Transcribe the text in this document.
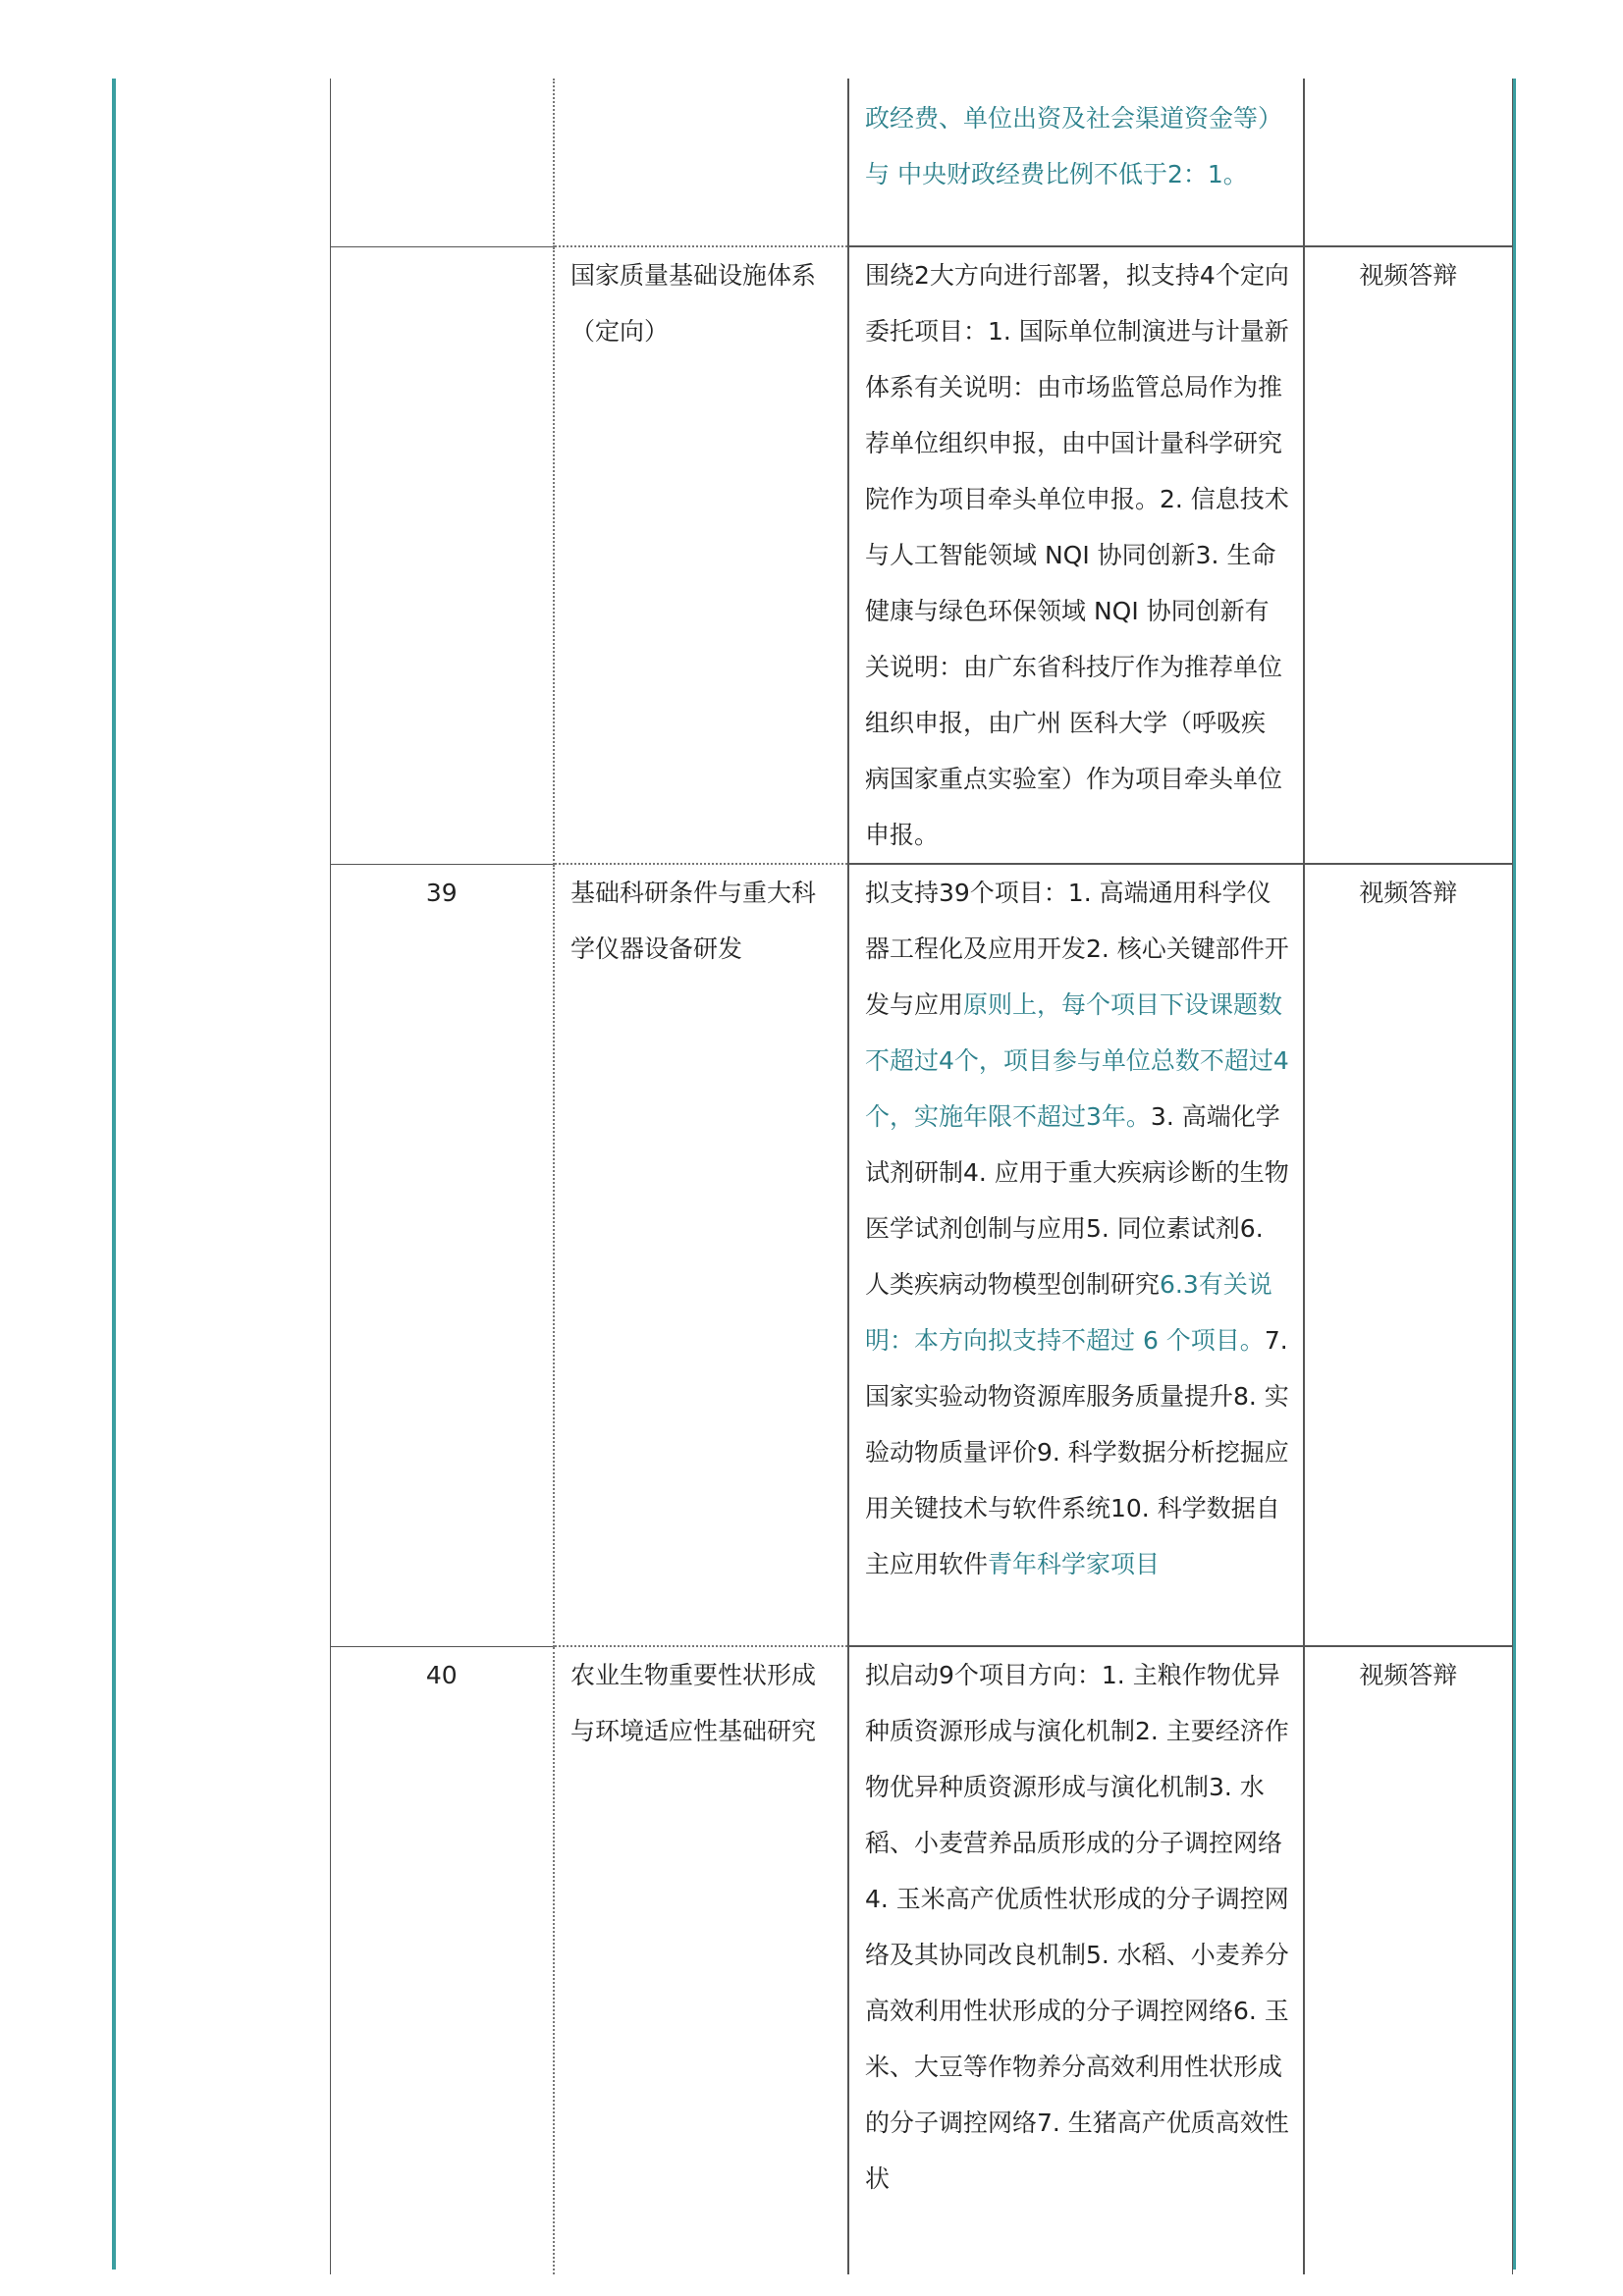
			政经费、单位出资及社会渠道资金等）与 中央财政经费比例不低于2：1。	
		国家质量基础设施体系（定向）	围绕2大方向进行部署，拟支持4个定向委托项目：1. 国际单位制演进与计量新体系有关说明：由市场监管总局作为推荐单位组织申报，由中国计量科学研究院作为项目牵头单位申报。2. 信息技术与人工智能领域 NQI 协同创新3. 生命健康与绿色环保领域 NQI 协同创新有关说明：由广东省科技厅作为推荐单位组织申报，由广州 医科大学（呼吸疾病国家重点实验室）作为项目牵头单位申报。	视频答辩
	39	基础科研条件与重大科学仪器设备研发	拟支持39个项目：1. 高端通用科学仪器工程化及应用开发2. 核心关键部件开发与应用原则上，每个项目下设课题数不超过4个，项目参与单位总数不超过4个，实施年限不超过3年。3. 高端化学试剂研制4. 应用于重大疾病诊断的生物医学试剂创制与应用5. 同位素试剂6. 人类疾病动物模型创制研究6.3有关说明：本方向拟支持不超过 6 个项目。7. 国家实验动物资源库服务质量提升8. 实验动物质量评价9. 科学数据分析挖掘应用关键技术与软件系统10. 科学数据自主应用软件青年科学家项目	视频答辩
	40	农业生物重要性状形成与环境适应性基础研究	拟启动9个项目方向：1. 主粮作物优异种质资源形成与演化机制2. 主要经济作物优异种质资源形成与演化机制3. 水稻、小麦营养品质形成的分子调控网络4. 玉米高产优质性状形成的分子调控网络及其协同改良机制5. 水稻、小麦养分高效利用性状形成的分子调控网络6. 玉米、大豆等作物养分高效利用性状形成的分子调控网络7. 生猪高产优质高效性状	视频答辩
